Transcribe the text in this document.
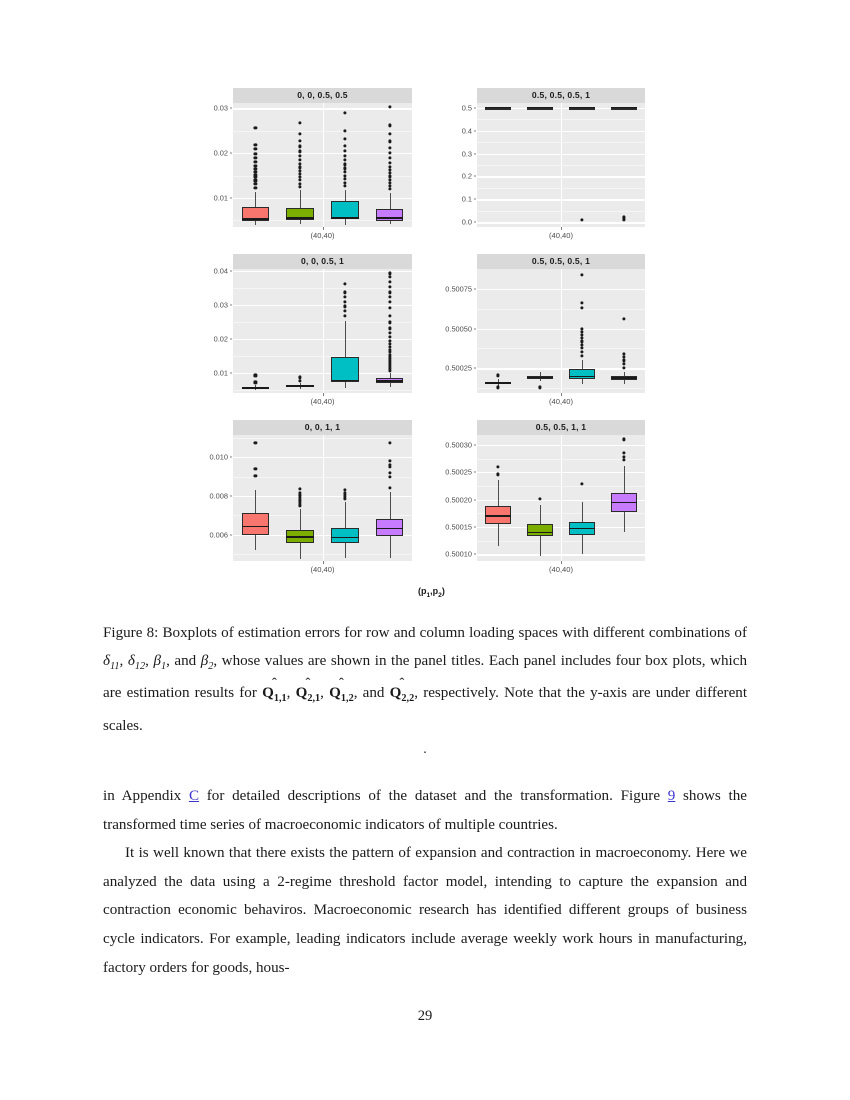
0, 0, 0.5, 0.5
0.01
0.02
0.03
(40,40)
0.5, 0.5, 0.5, 1
0.0
0.1
0.2
0.3
0.4
0.5
(40,40)
0, 0, 0.5, 1
0.01
0.02
0.03
0.04
(40,40)
0.5, 0.5, 0.5, 1
0.50025
0.50050
0.50075
(40,40)
0, 0, 1, 1
0.006
0.008
0.010
(40,40)
0.5, 0.5, 1, 1
0.50010
0.50015
0.50020
0.50025
0.50030
(40,40)
$(p_1,p_2)$
Figure 8: Boxplots of estimation errors for row and column loading spaces with different combinations of $\delta_{11}$, $\delta_{12}$, $\beta_1$, and $\beta_2$, whose values are shown in the panel titles. Each panel includes four box plots, which are estimation results for
ˆ
$Q_{1,1}$,
ˆ
$Q_{2,1}$,
ˆ
$Q_{1,2}$, and
ˆ
$Q_{2,2}$, respectively. Note that the y-axis are under different scales.
.

in Appendix C for detailed descriptions of the dataset and the transformation. Figure 9 shows the transformed time series of macroeconomic indicators of multiple countries.

It is well known that there exists the pattern of expansion and contraction in macroeconomy. Here we analyzed the data using a 2-regime threshold factor model, intending to capture the expansion and contraction economic behaviros. Macroeconomic research has identified different groups of business cycle indicators. For example, leading indicators include average weekly work hours in manufacturing, factory orders for goods, hous-

29
